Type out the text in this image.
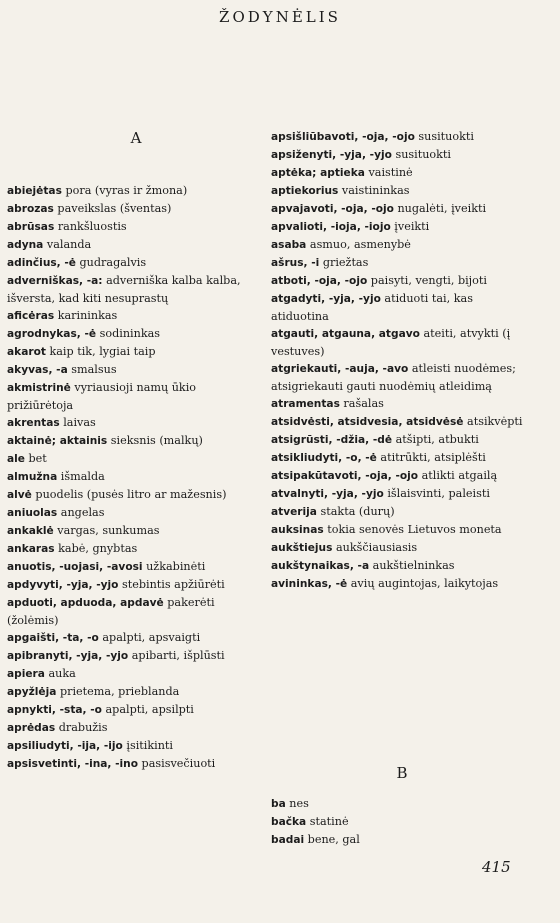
ŽODYNĖLIS
A
abiejėtas pora (vyras ir žmona)
abrozas paveikslas (šventas)
abrūsas rankšluostis
adyna valanda
adinčius, -ė gudragalvis
adverniškas, -a: adverniška kalba kalba, išversta, kad kiti nesuprastų
aficėras karininkas
agrodnykas, -ė sodininkas
akarot kaip tik, lygiai taip
akyvas, -a smalsus
akmistrinė vyriausioji namų ūkio prižiūrėtoja
akrentas laivas
aktainė; aktainis sieksnis (malkų)
ale bet
almužna išmalda
alvė puodelis (pusės litro ar mažesnis)
aniuolas angelas
ankaklė vargas, sunkumas
ankaras kabė, gnybtas
anuotis, -uojasi, -avosi užkabinėti
apdyvyti, -yja, -yjo stebintis apžiūrėti
apduoti, apduoda, apdavė pakerėti (žolėmis)
apgaišti, -ta, -o apalpti, apsvaigti
apibranyti, -yja, -yjo apibarti, išplūsti
apiera auka
apyžlėja prietema, prieblanda
apnykti, -sta, -o apalpti, apsilpti
aprėdas drabužis
apsiliudyti, -ija, -ijo įsitikinti
apsisvetinti, -ina, -ino pasisvečiuoti
B
apsišliūbavoti, -oja, -ojo susituokti
apsiženyti, -yja, -yjo susituokti
aptėka; aptieka vaistinė
aptiekorius vaistininkas
apvajavoti, -oja, -ojo nugalėti, įveikti
apvalioti, -ioja, -iojo įveikti
asaba asmuo, asmenybė
ašrus, -i griežtas
atboti, -oja, -ojo paisyti, vengti, bijoti
atgadyti, -yja, -yjo atiduoti tai, kas atiduotina
atgauti, atgauna, atgavo ateiti, atvykti (į vestuves)
atgriekauti, -auja, -avo atleisti nuodėmes; atsigriekauti gauti nuodėmių atleidimą
atramentas rašalas
atsidvėsti, atsidvesia, atsidvėsė atsikvėpti
atsigrūsti, -džia, -dė atšipti, atbukti
atsikliudyti, -o, -ė atitrūkti, atsiplėšti
atsipakūtavoti, -oja, -ojo atlikti atgailą
atvalnyti, -yja, -yjo išlaisvinti, paleisti
atverija stakta (durų)
auksinas tokia senovės Lietuvos moneta
aukštiejus aukščiausiasis
aukštynaikas, -a aukštielninkas
avininkas, -ė avių augintojas, laikytojas
ba nes
bačka statinė
badai bene, gal
415
